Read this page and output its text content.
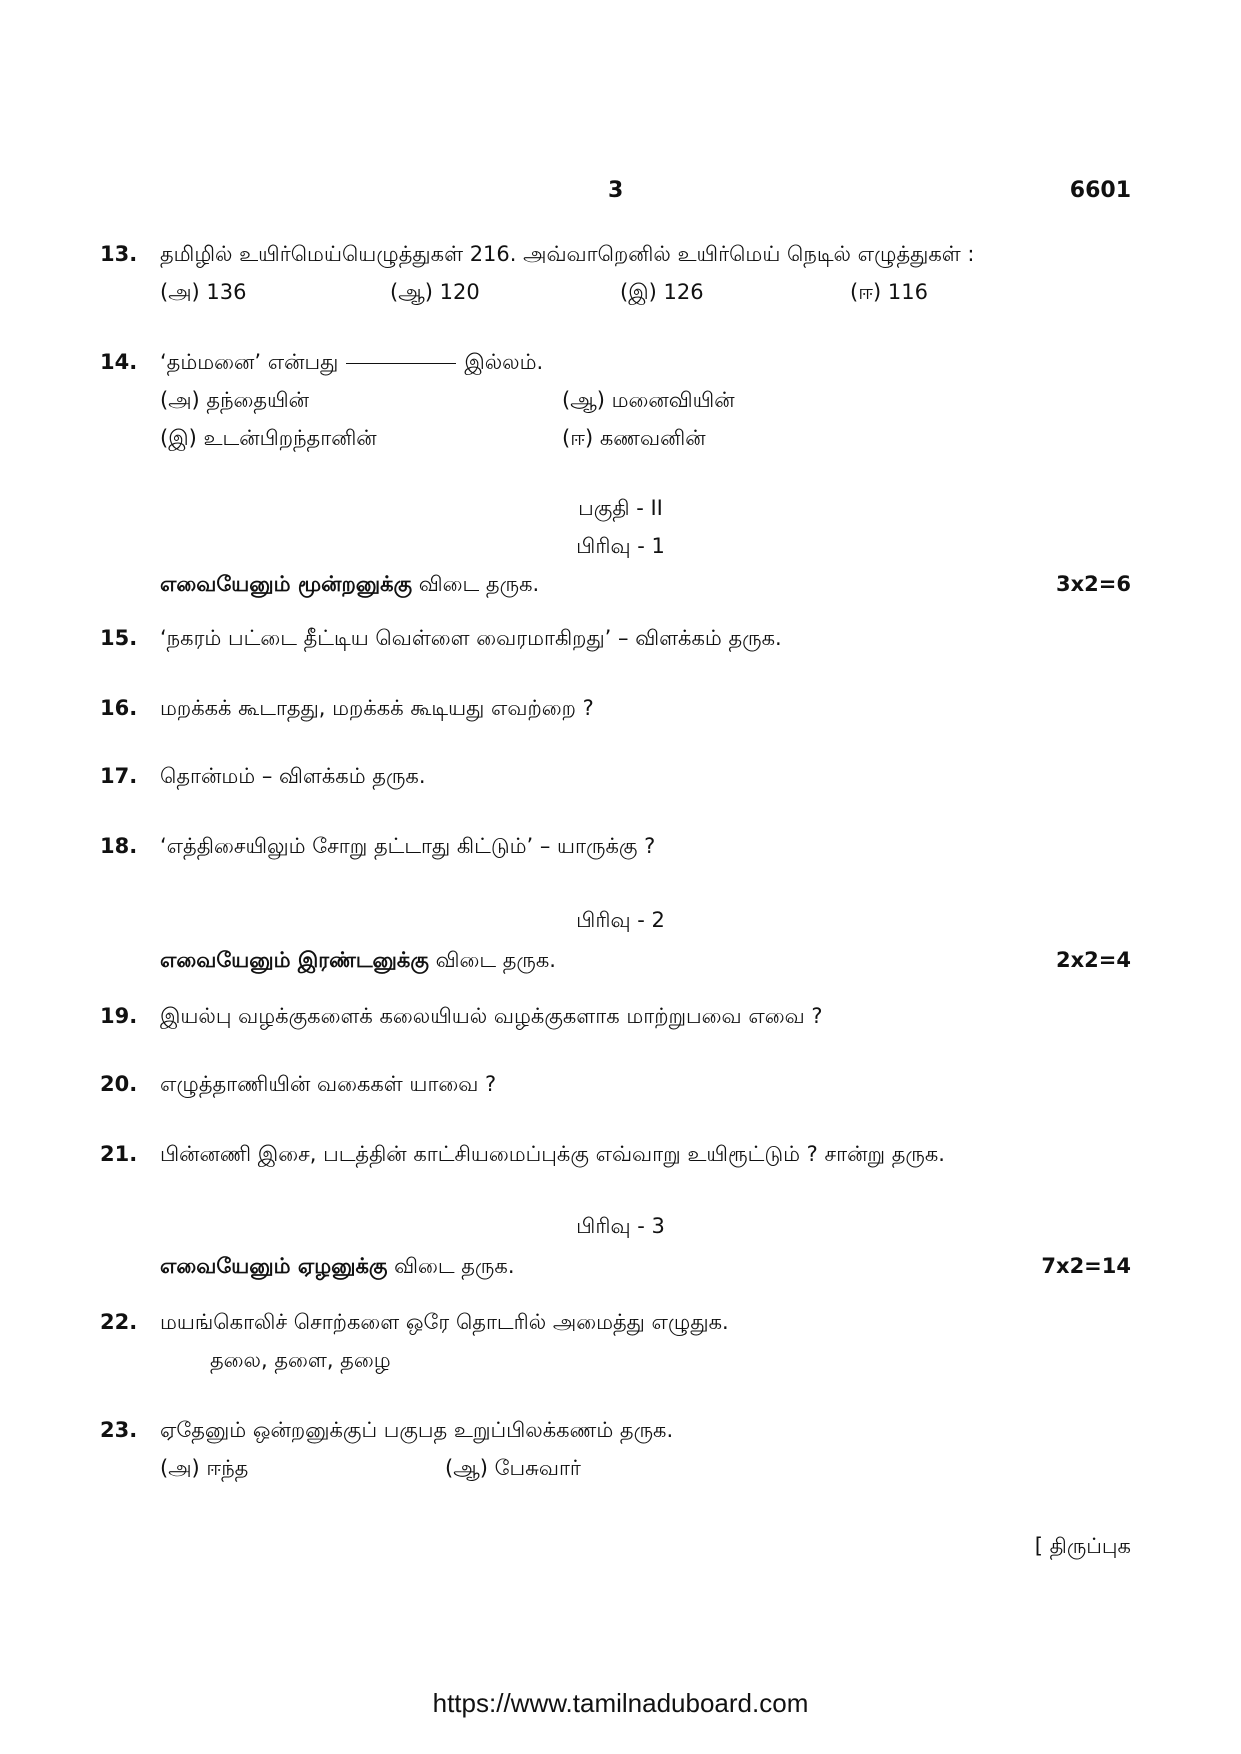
3	6601
13. தமிழில் உயிர்மெய்யெழுத்துகள் 216. அவ்வாறெனில் உயிர்மெய் நெடில் எழுத்துகள் :
(அ) 136	(ஆ) 120	(இ) 126	(ஈ) 116
14. ‘தம்மனை’ என்பது	இல்லம்.
(அ) தந்தையின்	(ஆ) மனைவியின்
(இ) உடன்பிறந்தானின்	(ஈ) கணவனின்
பகுதி - II
பிரிவு - 1
எவையேனும் மூன்றனுக்கு விடை தருக.	3x2=6
15. ‘நகரம் பட்டை தீட்டிய வெள்ளை வைரமாகிறது’ – விளக்கம் தருக.
16. மறக்கக் கூடாதது, மறக்கக் கூடியது எவற்றை ?
17. தொன்மம் – விளக்கம் தருக.
18. ‘எத்திசையிலும் சோறு தட்டாது கிட்டும்’ – யாருக்கு ?
பிரிவு - 2
எவையேனும் இரண்டனுக்கு விடை தருக.	2x2=4
19. இயல்பு வழக்குகளைக் கலையியல் வழக்குகளாக மாற்றுபவை எவை ?
20. எழுத்தாணியின் வகைகள் யாவை ?
21. பின்னணி இசை, படத்தின் காட்சியமைப்புக்கு எவ்வாறு உயிரூட்டும் ? சான்று தருக.
பிரிவு - 3
எவையேனும் ஏழனுக்கு விடை தருக.	7x2=14
22. மயங்கொலிச் சொற்களை ஒரே தொடரில் அமைத்து எழுதுக.
தலை, தளை, தழை
23. ஏதேனும் ஒன்றனுக்குப் பகுபத உறுப்பிலக்கணம் தருக.
(அ) ஈந்த	(ஆ) பேசுவார்
[ திருப்புக
https://www.tamilnaduboard.com
